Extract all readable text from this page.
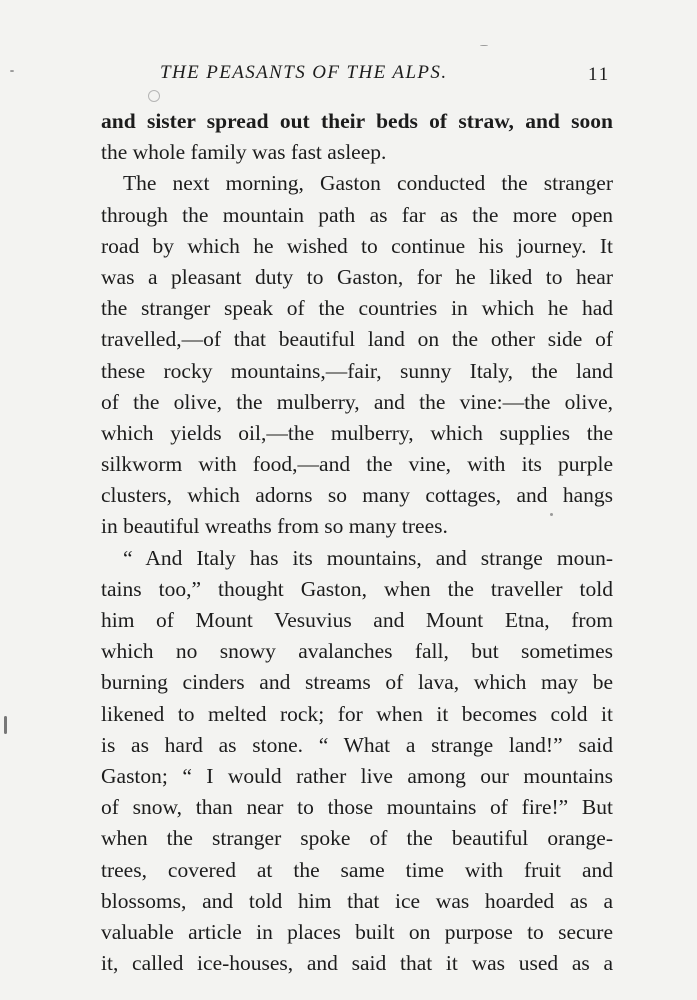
THE PEASANTS OF THE ALPS.	11
and sister spread out their beds of straw, and soon
the whole family was fast asleep.
The next morning, Gaston conducted the stranger
through the mountain path as far as the more open
road by which he wished to continue his journey. It
was a pleasant duty to Gaston, for he liked to hear
the stranger speak of the countries in which he had
travelled,—of that beautiful land on the other side of
these rocky mountains,—fair, sunny Italy, the land
of the olive, the mulberry, and the vine:—the olive,
which yields oil,—the mulberry, which supplies the
silkworm with food,—and the vine, with its purple
clusters, which adorns so many cottages, and hangs
in beautiful wreaths from so many trees.
“ And Italy has its mountains, and strange moun-
tains too,” thought Gaston, when the traveller told
him of Mount Vesuvius and Mount Etna, from
which no snowy avalanches fall, but sometimes
burning cinders and streams of lava, which may be
likened to melted rock; for when it becomes cold it
is as hard as stone. “ What a strange land!” said
Gaston; “ I would rather live among our mountains
of snow, than near to those mountains of fire!” But
when the stranger spoke of the beautiful orange-
trees, covered at the same time with fruit and
blossoms, and told him that ice was hoarded as a
valuable article in places built on purpose to secure
it, called ice-houses, and said that it was used as a
